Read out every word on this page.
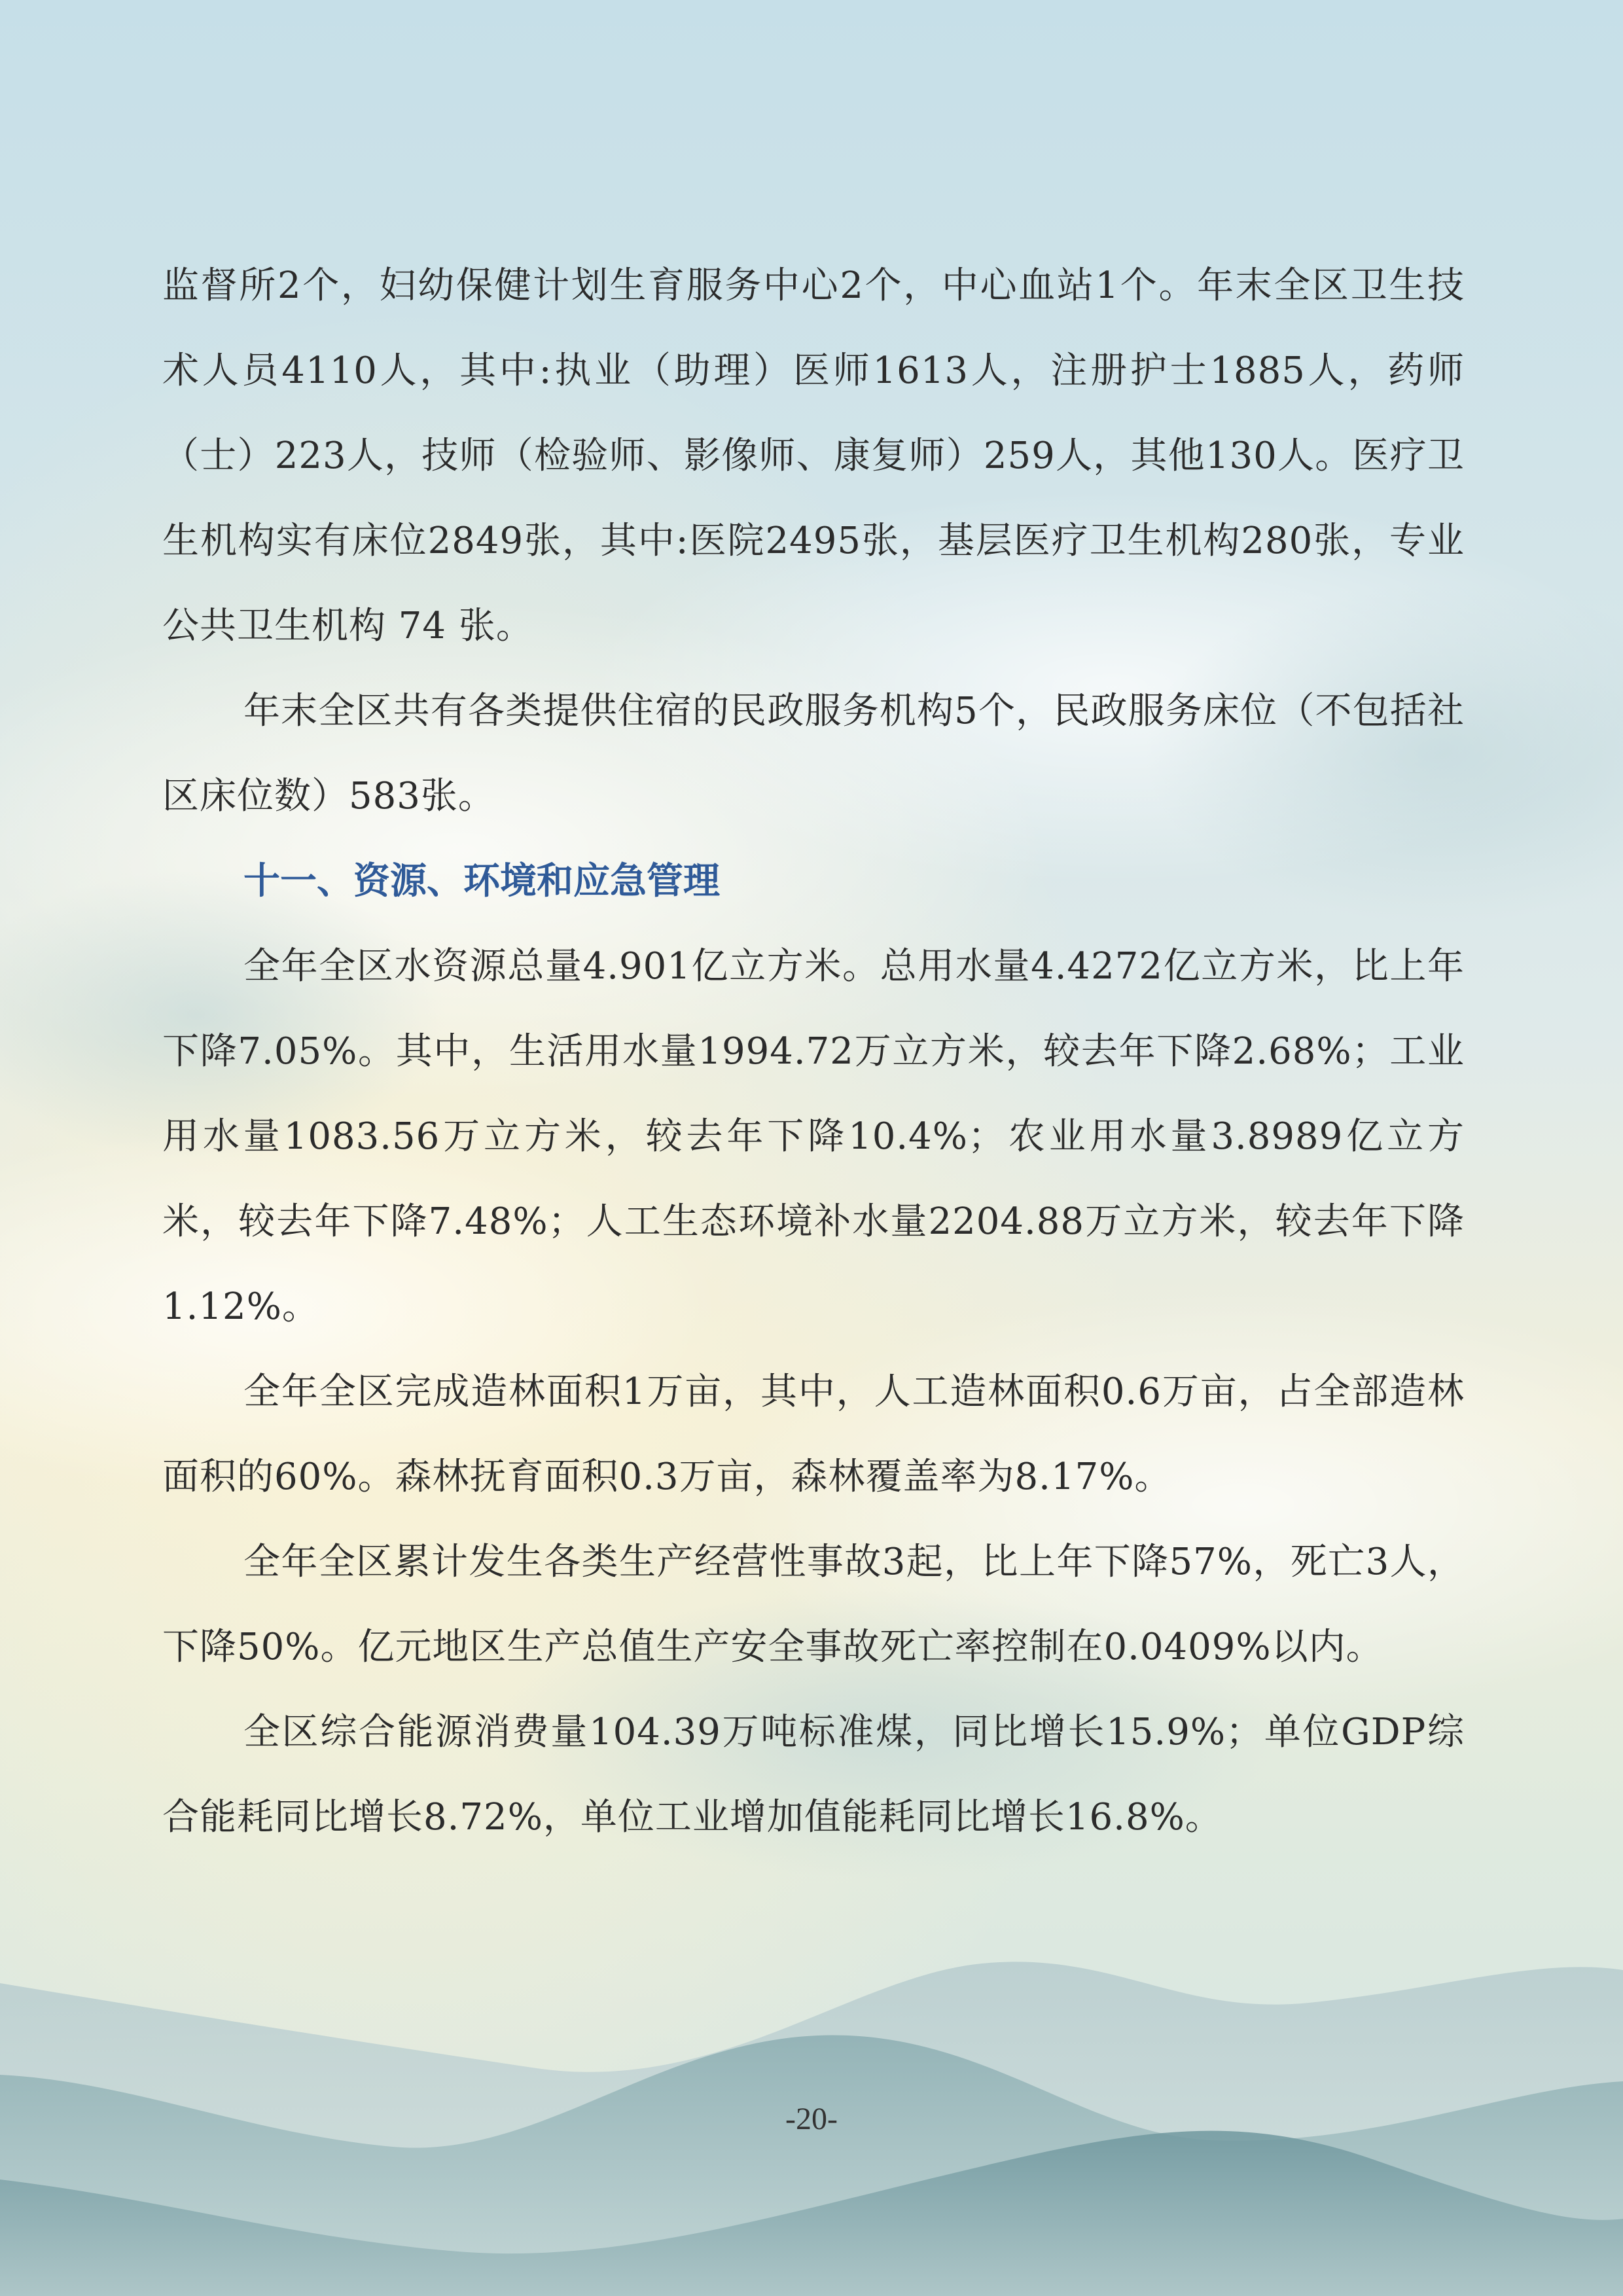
监督所2个，妇幼保健计划生育服务中心2个，中心血站1个。年末全区卫生技术人员4110人，其中:执业（助理）医师1613人，注册护士1885人，药师（士）223人，技师（检验师、影像师、康复师）259人，其他130人。医疗卫生机构实有床位2849张，其中:医院2495张，基层医疗卫生机构280张，专业公共卫生机构 74 张。

年末全区共有各类提供住宿的民政服务机构5个，民政服务床位（不包括社区床位数）583张。

十一、资源、环境和应急管理

全年全区水资源总量4.901亿立方米。总用水量4.4272亿立方米，比上年下降7.05%。其中，生活用水量1994.72万立方米，较去年下降2.68%；工业用水量1083.56万立方米，较去年下降10.4%；农业用水量3.8989亿立方米，较去年下降7.48%；人工生态环境补水量2204.88万立方米，较去年下降1.12%。

全年全区完成造林面积1万亩，其中，人工造林面积0.6万亩，占全部造林面积的60%。森林抚育面积0.3万亩，森林覆盖率为8.17%。

全年全区累计发生各类生产经营性事故3起，比上年下降57%，死亡3人，下降50%。亿元地区生产总值生产安全事故死亡率控制在0.0409%以内。

全区综合能源消费量104.39万吨标准煤，同比增长15.9%；单位GDP综合能耗同比增长8.72%，单位工业增加值能耗同比增长16.8%。

-20-
